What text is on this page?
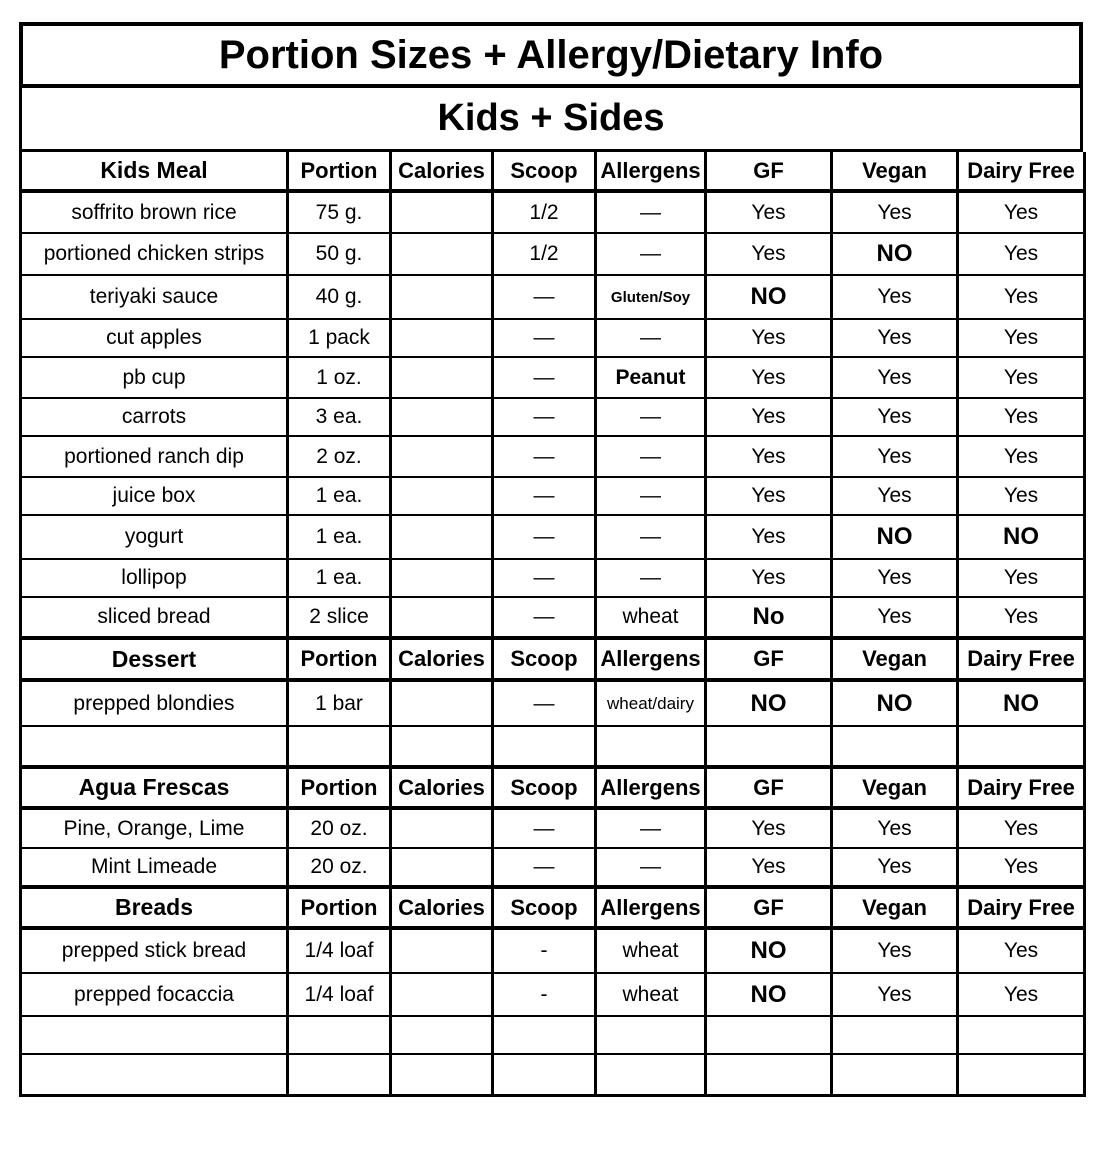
Portion Sizes + Allergy/Dietary Info
Kids + Sides
Kids Meal	Portion	Calories	Scoop	Allergens	GF	Vegan	Dairy Free
soffrito brown rice	75 g.		1/2	—	Yes	Yes	Yes
portioned chicken strips	50 g.		1/2	—	Yes	NO	Yes
teriyaki sauce	40 g.		—	Gluten/Soy	NO	Yes	Yes
cut apples	1 pack		—	—	Yes	Yes	Yes
pb cup	1 oz.		—	Peanut	Yes	Yes	Yes
carrots	3 ea.		—	—	Yes	Yes	Yes
portioned ranch dip	2 oz.		—	—	Yes	Yes	Yes
juice box	1 ea.		—	—	Yes	Yes	Yes
yogurt	1 ea.		—	—	Yes	NO	NO
lollipop	1 ea.		—	—	Yes	Yes	Yes
sliced bread	2 slice		—	wheat	No	Yes	Yes
Dessert	Portion	Calories	Scoop	Allergens	GF	Vegan	Dairy Free
prepped blondies	1 bar		—	wheat/dairy	NO	NO	NO

Agua Frescas	Portion	Calories	Scoop	Allergens	GF	Vegan	Dairy Free
Pine, Orange, Lime	20 oz.		—	—	Yes	Yes	Yes
Mint Limeade	20 oz.		—	—	Yes	Yes	Yes
Breads	Portion	Calories	Scoop	Allergens	GF	Vegan	Dairy Free
prepped stick bread	1/4 loaf		-	wheat	NO	Yes	Yes
prepped focaccia	1/4 loaf		-	wheat	NO	Yes	Yes
